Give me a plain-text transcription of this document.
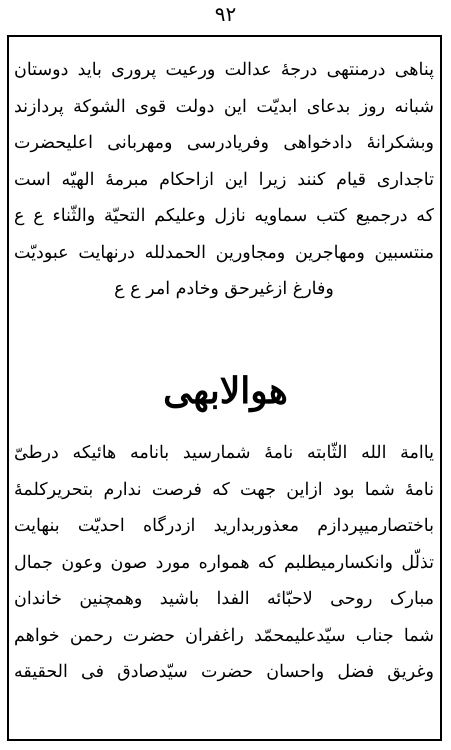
۹۲
پناهی درمنتهی درجهٔ عدالت ورعیت پروری باید دوستان
شبانه روز بدعای ابدیّت این دولت قوی الشوکة پردازند
وبشکرانهٔ دادخواهی وفریادرسی ومهربانی اعلیحضرت
تاجداری قیام کنند زیرا این ازاحکام مبرمهٔ الهیّه است
که درجمیع کتب سماویه نازل وعلیکم التحیّة والثّناء ع ع
منتسبین ومهاجرین ومجاورین الحمدلله درنهایت عبودیّت
وفارغ ازغیرحق وخادم امر ع ع
هوالابهی
یاامة الله الثّابته نامهٔ شمارسید بانامه هائیکه درطیّ
نامهٔ شما بود ازاین جهت که فرصت ندارم بتحریرکلمهٔ
باختصارمیپردازم معذوربدارید ازدرگاه احدیّت بنهایت
تذلّل وانکسارمیطلبم که همواره مورد صون وعون جمال
مبارک روحی لاحبّائه الفدا باشید وهمچنین خاندان
شما جناب سیّدعلیمحمّد راغفران حضرت رحمن خواهم
وغریق فضل واحسان حضرت سیّدصادق فی الحقیقه
